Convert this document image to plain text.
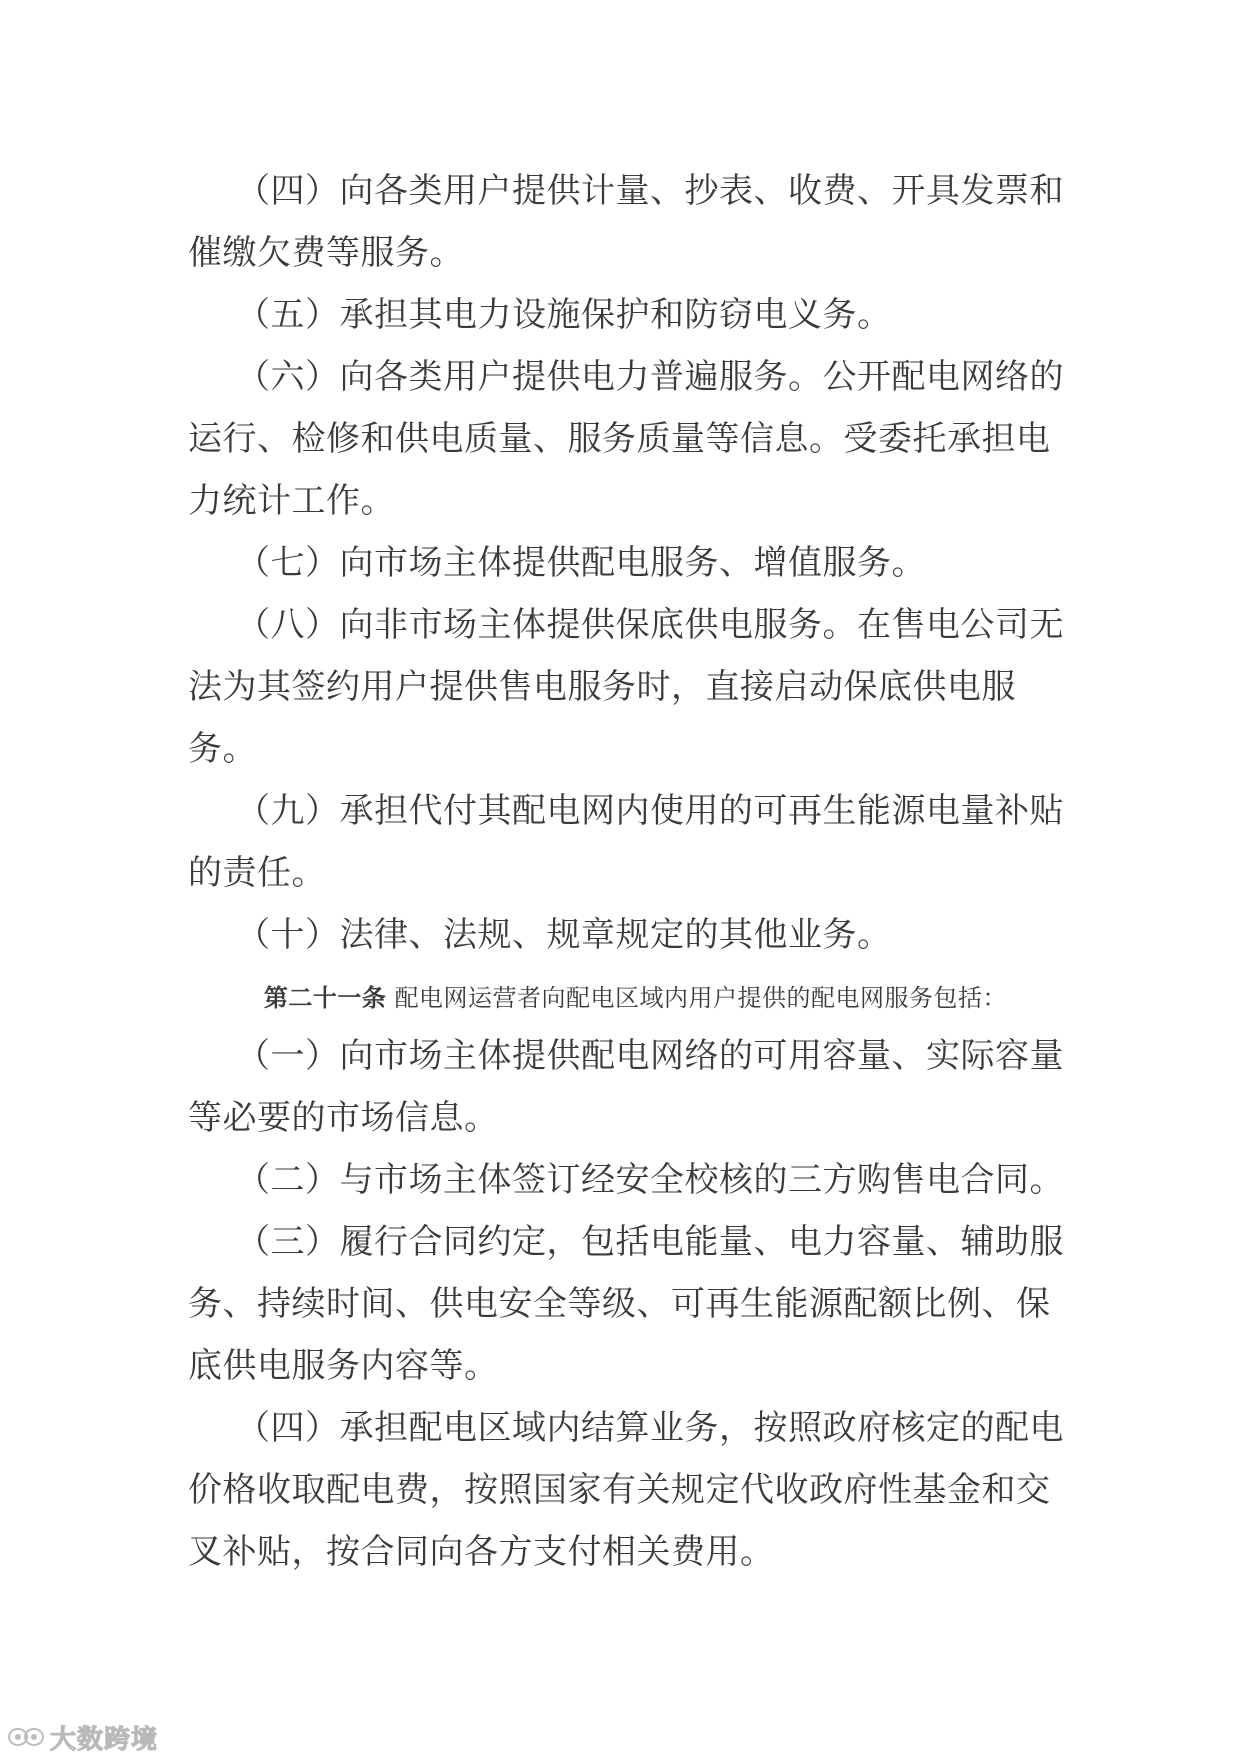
（四）向各类用户提供计量、抄表、收费、开具发票和催缴欠费等服务。

（五）承担其电力设施保护和防窃电义务。

（六）向各类用户提供电力普遍服务。公开配电网络的运行、检修和供电质量、服务质量等信息。受委托承担电力统计工作。

（七）向市场主体提供配电服务、增值服务。

（八）向非市场主体提供保底供电服务。在售电公司无法为其签约用户提供售电服务时，直接启动保底供电服务。

（九）承担代付其配电网内使用的可再生能源电量补贴的责任。

（十）法律、法规、规章规定的其他业务。

第二十一条 配电网运营者向配电区域内用户提供的配电网服务包括：

（一）向市场主体提供配电网络的可用容量、实际容量等必要的市场信息。

（二）与市场主体签订经安全校核的三方购售电合同。

（三）履行合同约定，包括电能量、电力容量、辅助服务、持续时间、供电安全等级、可再生能源配额比例、保底供电服务内容等。

（四）承担配电区域内结算业务，按照政府核定的配电价格收取配电费，按照国家有关规定代收政府性基金和交叉补贴，按合同向各方支付相关费用。

大数跨境
